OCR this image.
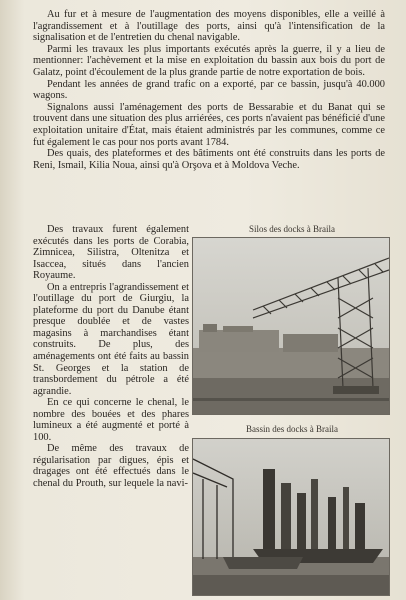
Au fur et à mesure de l'augmentation des moyens disponibles, elle a veillé à l'agrandissement et à l'outillage des ports, ainsi qu'à l'intensification de la signalisation et de l'entretien du chenal navigable.

Parmi les travaux les plus importants exécutés après la guerre, il y a lieu de mentionner: l'achèvement et la mise en exploitation du bassin aux bois du port de Galatz, point d'écoulement de la plus grande partie de notre exportation de bois.

Pendant les années de grand trafic on a exporté, par ce bassin, jusqu'à 40.000 wagons.

Signalons aussi l'aménagement des ports de Bessarabie et du Banat qui se trouvent dans une situation des plus arriérées, ces ports n'avaient pas bénéficié d'une exploitation unitaire d'État, mais étaient administrés par les communes, comme ce fut également le cas pour nos ports avant 1784.

Des quais, des plateformes et des bâtiments ont été construits dans les ports de Reni, Ismail, Kilia Noua, ainsi qu'à Orşova et à Moldova Veche.

Des travaux furent également exécutés dans les ports de Corabia, Zimnicea, Silistra, Oltenitza et Isaccea, situés dans l'ancien Royaume.

On a entrepris l'agrandissement et l'outillage du port de Giurgiu, la plateforme du port du Danube étant presque doublée et de vastes magasins à marchandises étant construits. De plus, des aménagements ont été faits au bassin St. Georges et la station de transbordement du pétrole a été agrandie.

En ce qui concerne le chenal, le nombre des bouées et des phares lumineux a été augmenté et porté à 100.

De même des travaux de régularisation par digues, épis et dragages ont été effectués dans le chenal du Prouth, sur lequele la navi-

Silos des docks à Braila
Bassin des docks à Braila
